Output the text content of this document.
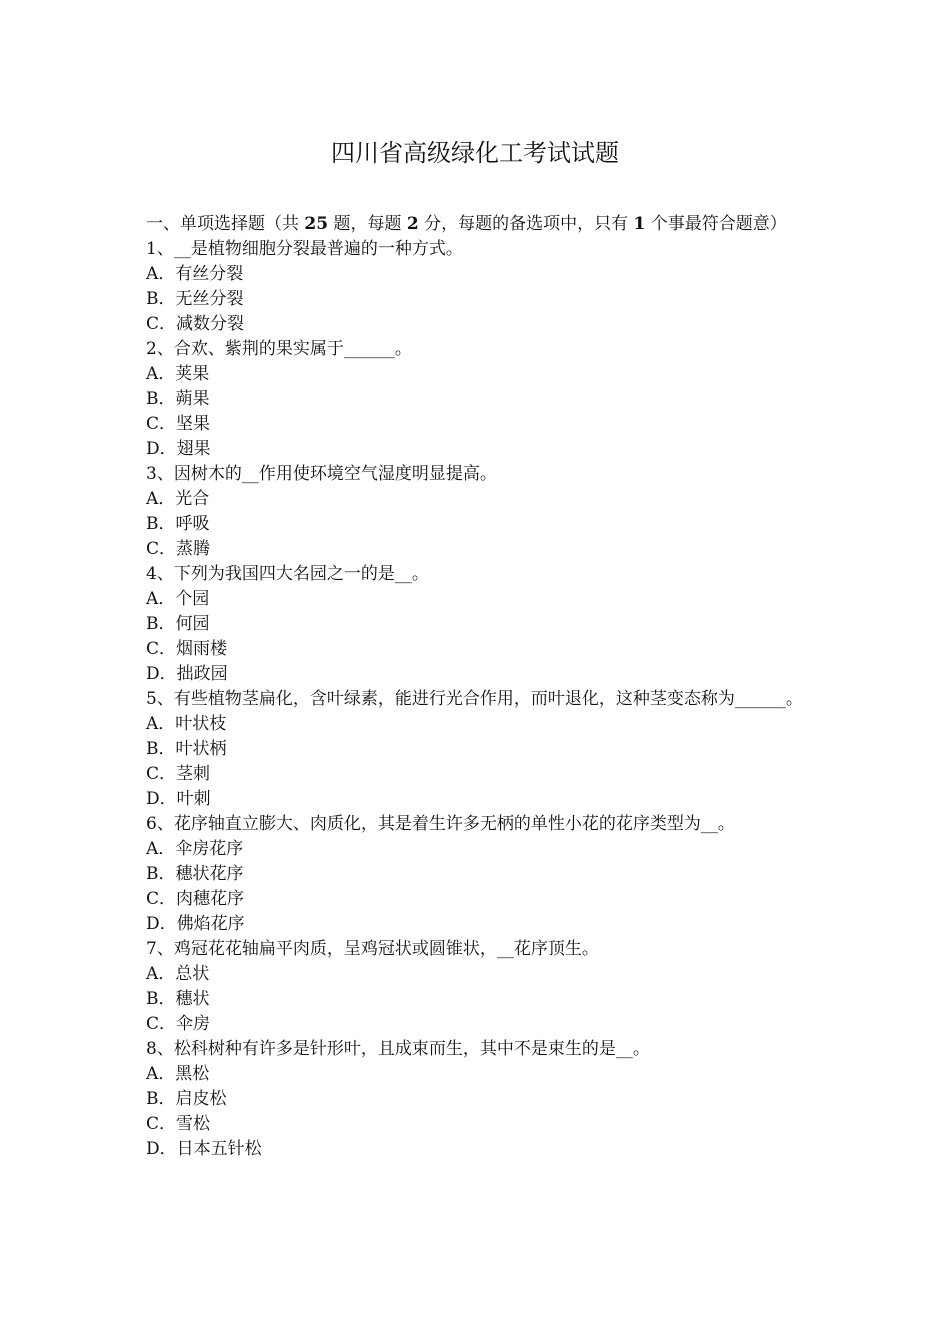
四川省高级绿化工考试试题

一、单项选择题（共 25 题，每题 2 分，每题的备选项中，只有 1 个事最符合题意）

1、__是植物细胞分裂最普遍的一种方式。

A．有丝分裂

B．无丝分裂

C．减数分裂

2、合欢、紫荆的果实属于______。

A．荚果

B．蒴果

C．坚果

D．翅果

3、因树木的__作用使环境空气湿度明显提高。

A．光合

B．呼吸

C．蒸腾

4、下列为我国四大名园之一的是__。

A．个园

B．何园

C．烟雨楼

D．拙政园

5、有些植物茎扁化，含叶绿素，能进行光合作用，而叶退化，这种茎变态称为______。

A．叶状枝

B．叶状柄

C．茎刺

D．叶刺

6、花序轴直立膨大、肉质化，其是着生许多无柄的单性小花的花序类型为__。

A．伞房花序

B．穗状花序

C．肉穗花序

D．佛焰花序

7、鸡冠花花轴扁平肉质，呈鸡冠状或圆锥状，__花序顶生。

A．总状

B．穗状

C．伞房

8、松科树种有许多是针形叶，且成束而生，其中不是束生的是__。

A．黑松

B．启皮松

C．雪松

D．日本五针松
